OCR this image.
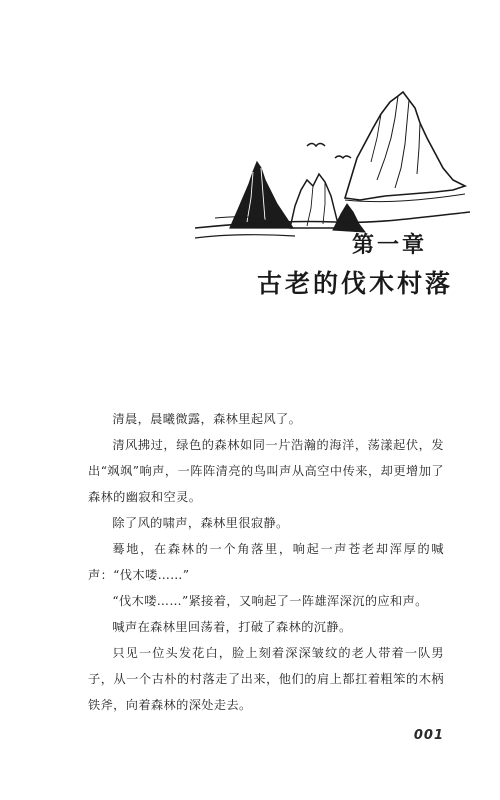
第一章
古老的伐木村落

清晨，晨曦微露，森林里起风了。

清风拂过，绿色的森林如同一片浩瀚的海洋，荡漾起伏，发出“飒飒”响声，一阵阵清亮的鸟叫声从高空中传来，却更增加了森林的幽寂和空灵。

除了风的啸声，森林里很寂静。

蓦地，在森林的一个角落里，响起一声苍老却浑厚的喊声：“伐木喽……”

“伐木喽……”紧接着，又响起了一阵雄浑深沉的应和声。

喊声在森林里回荡着，打破了森林的沉静。

只见一位头发花白，脸上刻着深深皱纹的老人带着一队男子，从一个古朴的村落走了出来，他们的肩上都扛着粗笨的木柄铁斧，向着森林的深处走去。

001
